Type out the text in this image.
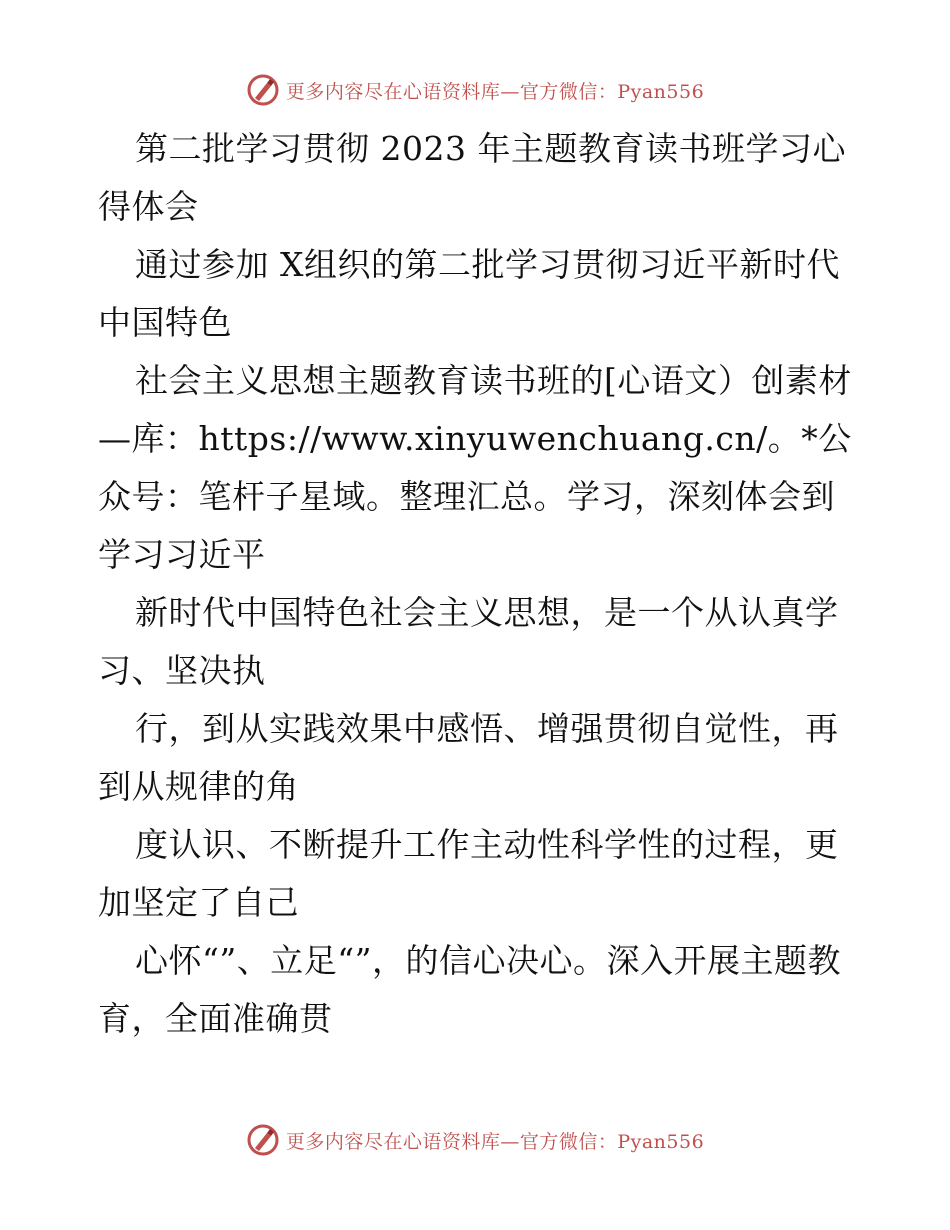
更多内容尽在心语资料库—官方微信：Pyan556

第二批学习贯彻 2023 年主题教育读书班学习心得体会

通过参加 X组织的第二批学习贯彻习近平新时代中国特色

社会主义思想主题教育读书班的[心语文）创素材—库：https://www.xinyuwenchuang.cn/。*公众号：笔杆子星域。整理汇总。学习，深刻体会到学习习近平

新时代中国特色社会主义思想，是一个从认真学习、坚决执

行，到从实践效果中感悟、增强贯彻自觉性，再到从规律的角

度认识、不断提升工作主动性科学性的过程，更加坚定了自己

心怀“”、立足“”，的信心决心。深入开展主题教育，全面准确贯

更多内容尽在心语资料库—官方微信：Pyan556
